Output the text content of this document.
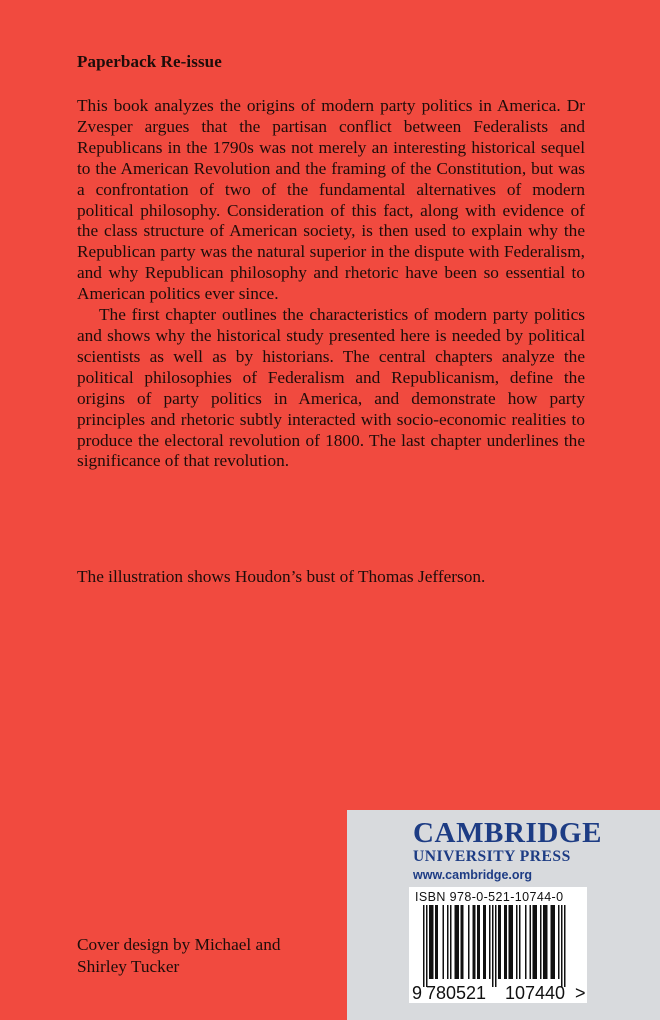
Paperback Re-issue

This book analyzes the origins of modern party politics in America. Dr Zvesper argues that the partisan conflict between Federalists and Republicans in the 1790s was not merely an interesting historical sequel to the American Revolution and the framing of the Constitution, but was a confrontation of two of the fundamental alternatives of modern political philosophy. Consideration of this fact, along with evidence of the class structure of American society, is then used to explain why the Republican party was the natural superior in the dispute with Federalism, and why Republican philosophy and rhetoric have been so essential to American politics ever since.

The first chapter outlines the characteristics of modern party politics and shows why the historical study presented here is needed by political scientists as well as by historians. The central chapters analyze the political philosophies of Federalism and Republicanism, define the origins of party politics in America, and demonstrate how party principles and rhetoric subtly interacted with socio-economic realities to produce the electoral revolution of 1800. The last chapter underlines the significance of that revolution.

The illustration shows Houdon’s bust of Thomas Jefferson.
Cover design by Michael and Shirley Tucker
CAMBRIDGE
UNIVERSITY PRESS
www.cambridge.org
ISBN 978-0-521-10744-0
9 780521 107440 >
